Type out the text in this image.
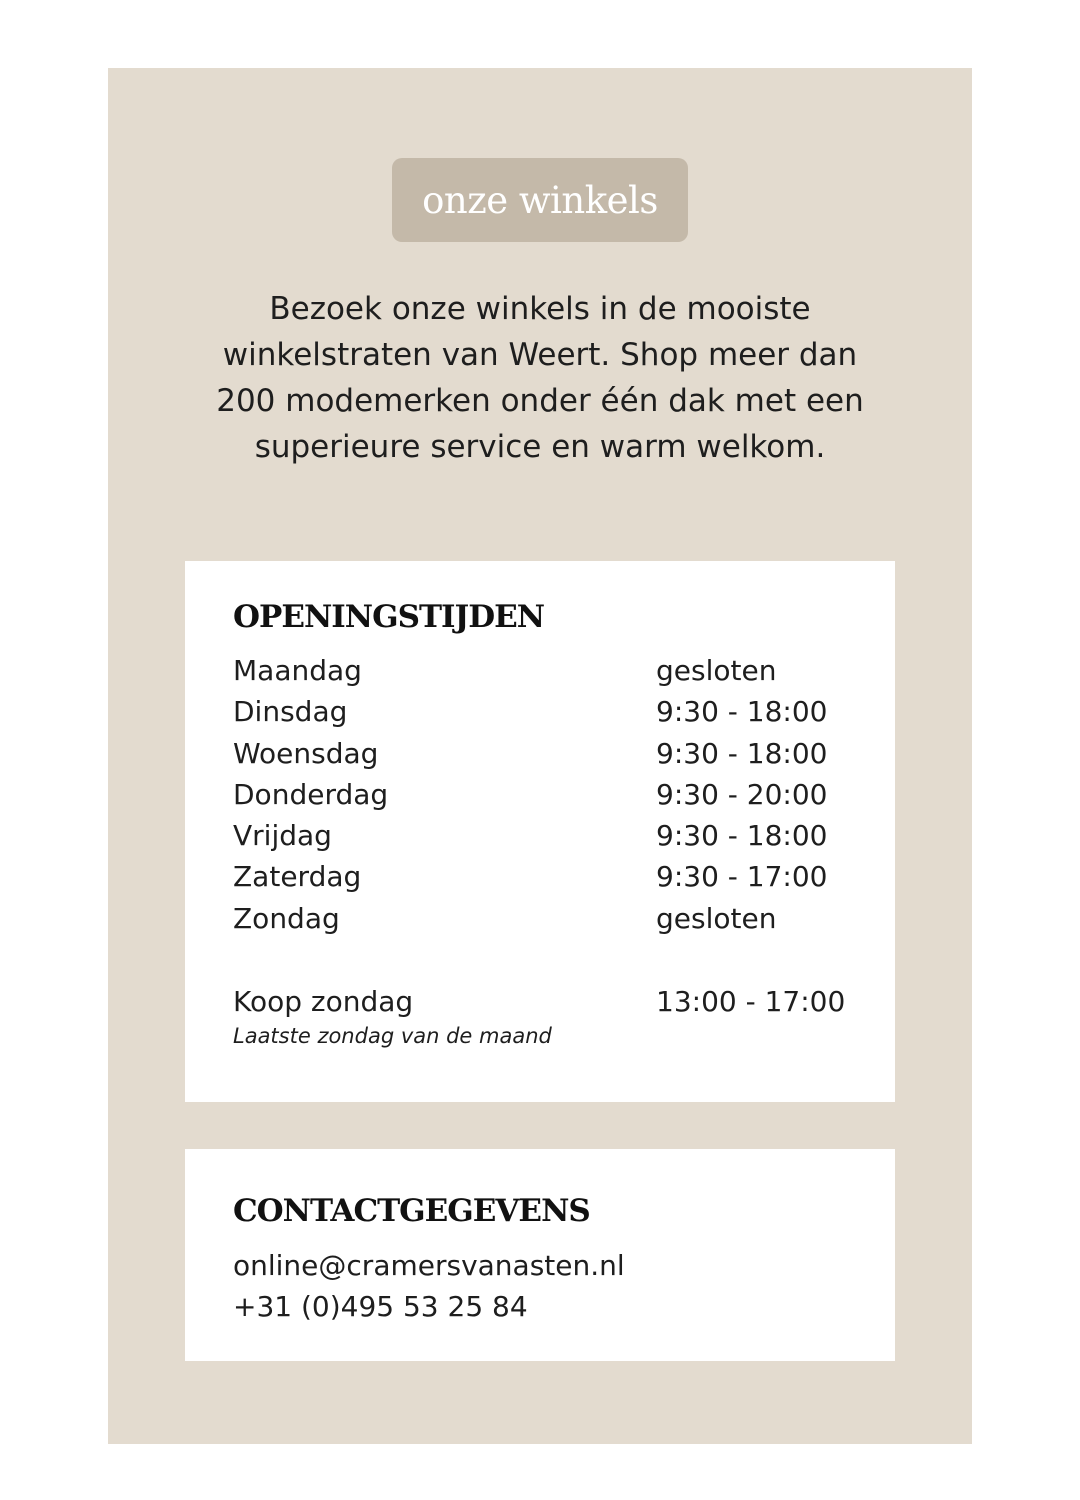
onze winkels
Bezoek onze winkels in de mooiste
winkelstraten van Weert. Shop meer dan
200 modemerken onder één dak met een
superieure service en warm welkom.
OPENINGSTIJDEN
Maandag	gesloten
Dinsdag	9:30 - 18:00
Woensdag	9:30 - 18:00
Donderdag	9:30 - 20:00
Vrijdag	9:30 - 18:00
Zaterdag	9:30 - 17:00
Zondag	gesloten
Koop zondag	13:00 - 17:00
Laatste zondag van de maand
CONTACTGEGEVENS
online@cramersvanasten.nl
+31 (0)495 53 25 84
